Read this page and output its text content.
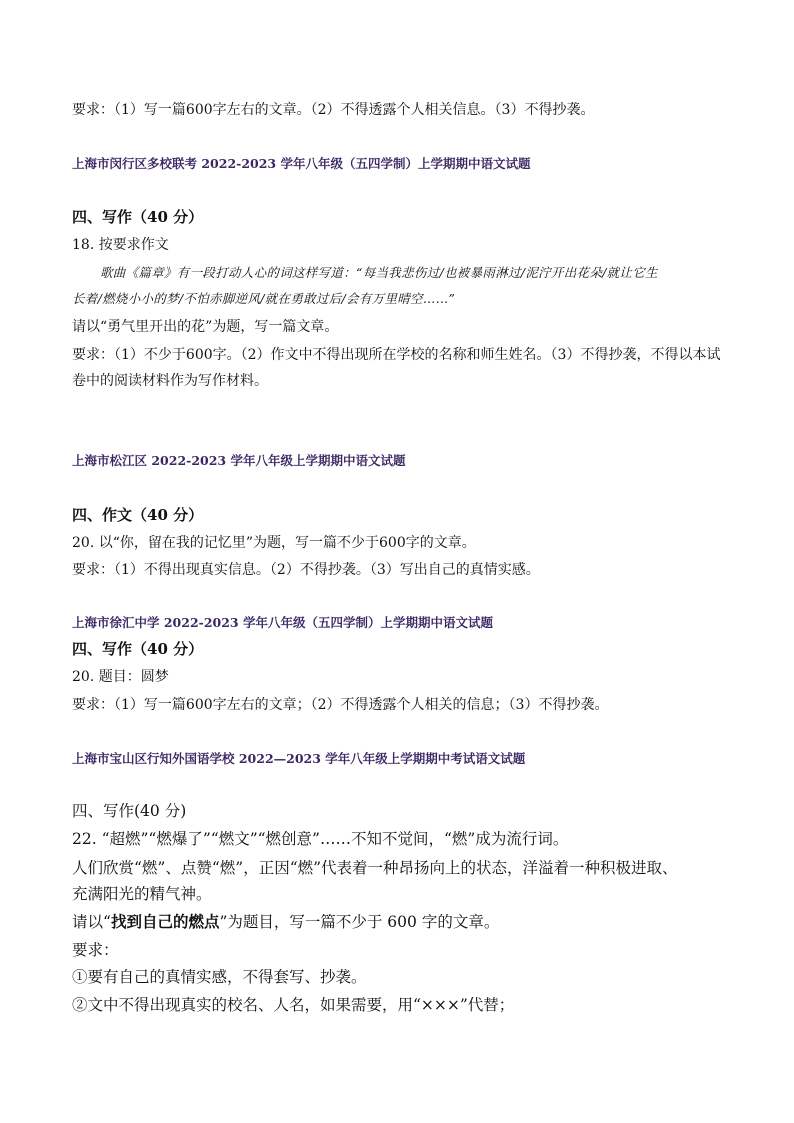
要求：（1）写一篇600字左右的文章。（2）不得透露个人相关信息。（3）不得抄袭。
上海市闵行区多校联考 2022-2023 学年八年级（五四学制）上学期期中语文试题
四、写作（40 分）
18. 按要求作文
歌曲《篇章》有一段打动人心的词这样写道：“每当我悲伤过/也被暴雨淋过/泥泞开出花朵/就让它生
长着/燃烧小小的梦/不怕赤脚逆风/就在勇敢过后/会有万里晴空……”
请以“勇气里开出的花”为题，写一篇文章。
要求：（1）不少于600字。（2）作文中不得出现所在学校的名称和师生姓名。（3）不得抄袭，不得以本试
卷中的阅读材料作为写作材料。
上海市松江区 2022-2023 学年八年级上学期期中语文试题
四、作文（40 分）
20. 以“你，留在我的记忆里”为题，写一篇不少于600字的文章。
要求：（1）不得出现真实信息。（2）不得抄袭。（3）写出自己的真情实感。
上海市徐汇中学 2022-2023 学年八年级（五四学制）上学期期中语文试题
四、写作（40 分）
20. 题目：圆梦
要求：（1）写一篇600字左右的文章；（2）不得透露个人相关的信息；（3）不得抄袭。
上海市宝山区行知外国语学校 2022—2023 学年八年级上学期期中考试语文试题
四、写作(40 分)
22. “超燃”“燃爆了”“燃文”“燃创意”……不知不觉间，“燃”成为流行词。
人们欣赏“燃”、点赞“燃”，正因“燃”代表着一种昂扬向上的状态，洋溢着一种积极进取、
充满阳光的精气神。
请以“找到自己的燃点”为题目，写一篇不少于 600 字的文章。
要求：
①要有自己的真情实感，不得套写、抄袭。
②文中不得出现真实的校名、人名，如果需要，用“×××”代替；
